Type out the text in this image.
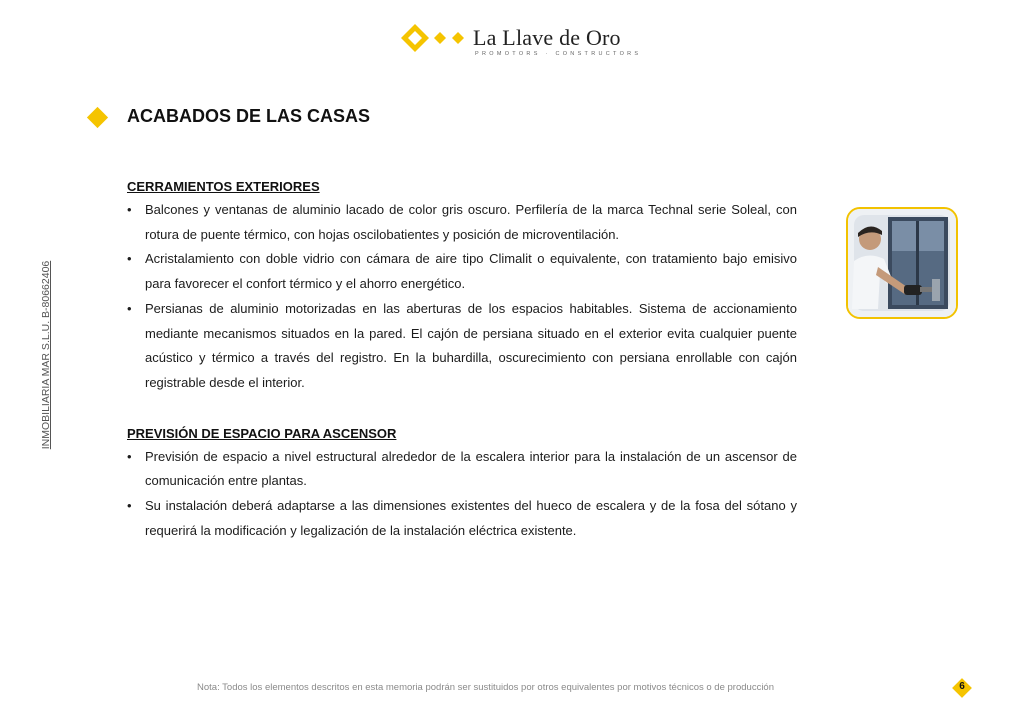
La Llave de Oro
PROMOTORS · CONSTRUCTORS
ACABADOS DE LAS CASAS
INMOBILIARIA MAR S.L.U. B-80662406

CERRAMIENTOS EXTERIORES

• Balcones y ventanas de aluminio lacado de color gris oscuro. Perfilería de la marca Technal serie Soleal, con rotura de puente térmico, con hojas oscilobatientes y posición de microventilación.
• Acristalamiento con doble vidrio con cámara de aire tipo Climalit o equivalente, con tratamiento bajo emisivo para favorecer el confort térmico y el ahorro energético.
• Persianas de aluminio motorizadas en las aberturas de los espacios habitables. Sistema de accionamiento mediante mecanismos situados en la pared. El cajón de persiana situado en el exterior evita cualquier puente acústico y térmico a través del registro. En la buhardilla, oscurecimiento con persiana enrollable con cajón registrable desde el interior.

PREVISIÓN DE ESPACIO PARA ASCENSOR

• Previsión de espacio a nivel estructural alrededor de la escalera interior para la instalación de un ascensor de comunicación entre plantas.
• Su instalación deberá adaptarse a las dimensiones existentes del hueco de escalera y de la fosa del sótano y requerirá la modificación y legalización de la instalación eléctrica existente.
Nota: Todos los elementos descritos en esta memoria podrán ser sustituidos por otros equivalentes por motivos técnicos o de producción	6
